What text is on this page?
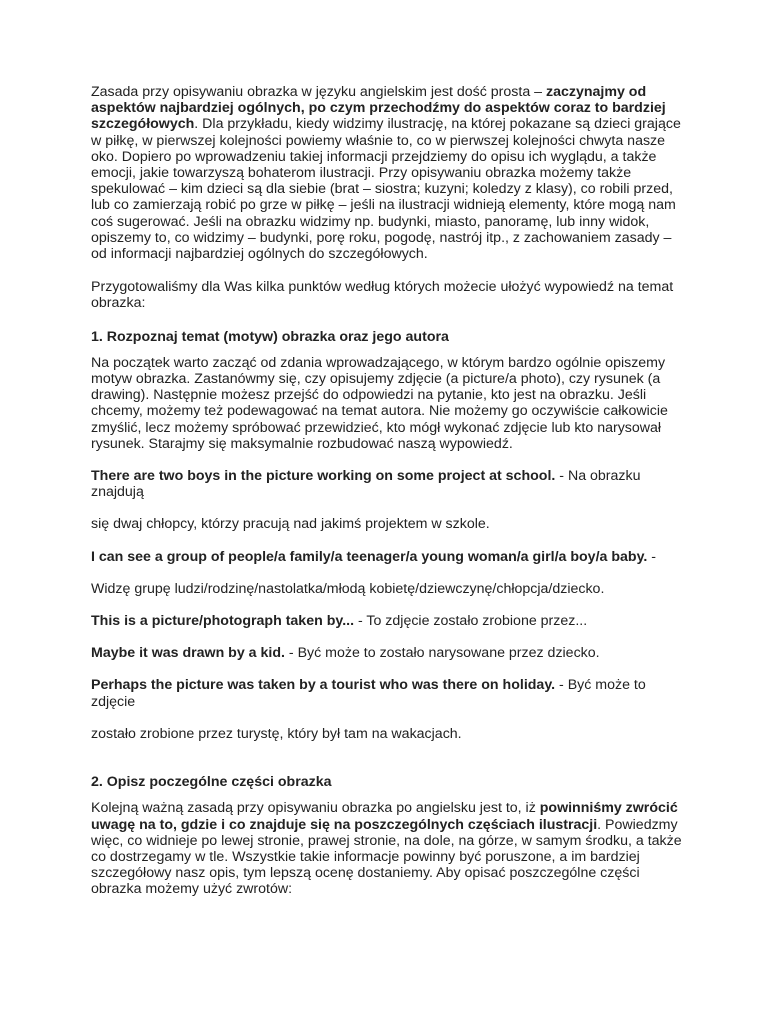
Zasada przy opisywaniu obrazka w języku angielskim jest dość prosta – zaczynajmy od aspektów najbardziej ogólnych, po czym przechodźmy do aspektów coraz to bardziej szczegółowych. Dla przykładu, kiedy widzimy ilustrację, na której pokazane są dzieci grające w piłkę, w pierwszej kolejności powiemy właśnie to, co w pierwszej kolejności chwyta nasze oko. Dopiero po wprowadzeniu takiej informacji przejdziemy do opisu ich wyglądu, a także emocji, jakie towarzyszą bohaterom ilustracji. Przy opisywaniu obrazka możemy także spekulować – kim dzieci są dla siebie (brat – siostra; kuzyni; koledzy z klasy), co robili przed, lub co zamierzają robić po grze w piłkę – jeśli na ilustracji widnieją elementy, które mogą nam coś sugerować. Jeśli na obrazku widzimy np. budynki, miasto, panoramę, lub inny widok, opiszemy to, co widzimy – budynki, porę roku, pogodę, nastrój itp., z zachowaniem zasady – od informacji najbardziej ogólnych do szczegółowych.

Przygotowaliśmy dla Was kilka punktów według których możecie ułożyć wypowiedź na temat obrazka:

1. Rozpoznaj temat (motyw) obrazka oraz jego autora

Na początek warto zacząć od zdania wprowadzającego, w którym bardzo ogólnie opiszemy motyw obrazka. Zastanówmy się, czy opisujemy zdjęcie (a picture/a photo), czy rysunek (a drawing). Następnie możesz przejść do odpowiedzi na pytanie, kto jest na obrazku. Jeśli chcemy, możemy też podewagować na temat autora. Nie możemy go oczywiście całkowicie zmyślić, lecz możemy spróbować przewidzieć, kto mógł wykonać zdjęcie lub kto narysował rysunek. Starajmy się maksymalnie rozbudować naszą wypowiedź.

There are two boys in the picture working on some project at school. - Na obrazku znajdują

się dwaj chłopcy, którzy pracują nad jakimś projektem w szkole.

I can see a group of people/a family/a teenager/a young woman/a girl/a boy/a baby. -

Widzę grupę ludzi/rodzinę/nastolatka/młodą kobietę/dziewczynę/chłopcja/dziecko.

This is a picture/photograph taken by... - To zdjęcie zostało zrobione przez...

Maybe it was drawn by a kid. - Być może to zostało narysowane przez dziecko.

Perhaps the picture was taken by a tourist who was there on holiday. - Być może to zdjęcie

zostało zrobione przez turystę, który był tam na wakacjach.

2. Opisz poczególne części obrazka

Kolejną ważną zasadą przy opisywaniu obrazka po angielsku jest to, iż powinniśmy zwrócić uwagę na to, gdzie i co znajduje się na poszczególnych częściach ilustracji. Powiedzmy więc, co widnieje po lewej stronie, prawej stronie, na dole, na górze, w samym środku, a także co dostrzegamy w tle. Wszystkie takie informacje powinny być poruszone, a im bardziej szczegółowy nasz opis, tym lepszą ocenę dostaniemy. Aby opisać poszczególne części obrazka możemy użyć zwrotów:
